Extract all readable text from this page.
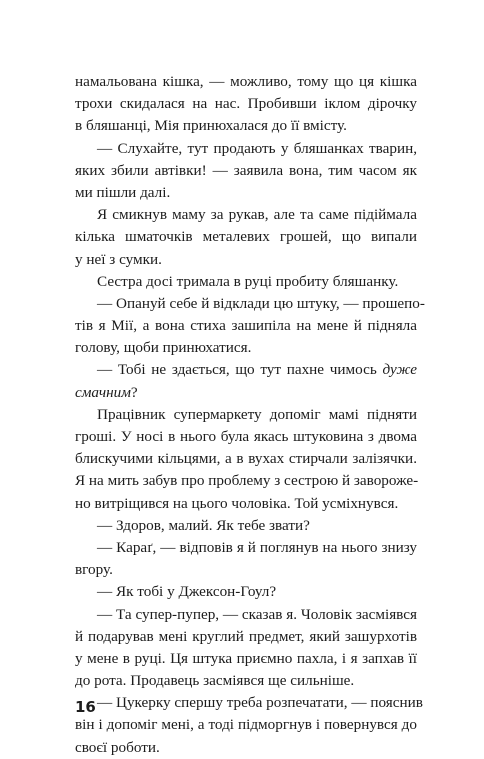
намальована кішка, — можливо, тому що ця кішка
трохи скидалася на нас. Пробивши іклом дірочку
в бляшанці, Мія принюхалася до її вмісту.
— Слухайте, тут продають у бляшанках тварин,
яких збили автівки! — заявила вона, тим часом як
ми пішли далі.
Я смикнув маму за рукав, але та саме підіймала
кілька шматочків металевих грошей, що випали
у неї з сумки.
Сестра досі тримала в руці пробиту бляшанку.
— Опануй себе й відклади цю штуку, — прошепо-
тів я Мії, а вона стиха зашипіла на мене й підняла
голову, щоби принюхатися.
— Тобі не здається, що тут пахне чимось дуже
смачним?
Працівник супермаркету допоміг мамі підняти
гроші. У носі в нього була якась штуковина з двома
блискучими кільцями, а в вухах стирчали залізячки.
Я на мить забув про проблему з сестрою й завороже-
но витріщився на цього чоловіка. Той усміхнувся.
— Здоров, малий. Як тебе звати?
— Караґ, — відповів я й поглянув на нього знизу
вгору.
— Як тобі у Джексон-Гоул?
— Та супер-пупер, — сказав я. Чоловік засміявся
й подарував мені круглий предмет, який зашурхотів
у мене в руці. Ця штука приємно пахла, і я запхав її
до рота. Продавець засміявся ще сильніше.
— Цукерку спершу треба розпечатати, — пояснив
він і допоміг мені, а тоді підморгнув і повернувся до
своєї роботи.
16
